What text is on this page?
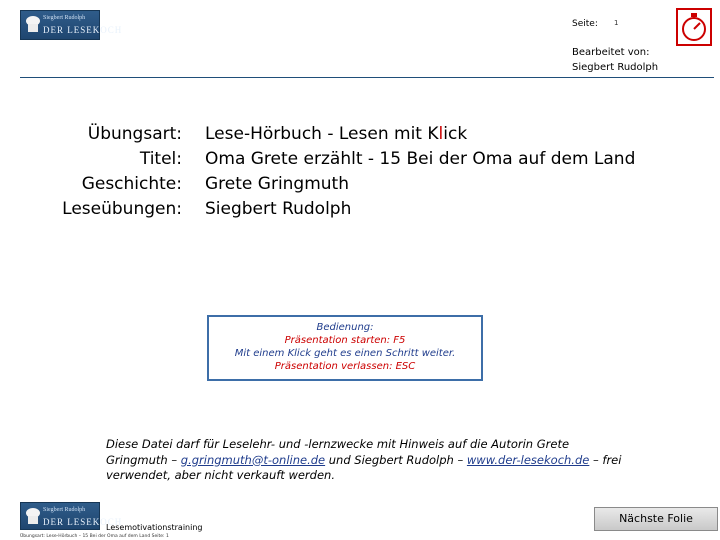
Siegbert Rudolph
DER LESEKOCH
Seite: 1
Bearbeitet von:
Siegbert Rudolph
Übungsart: Lese-Hörbuch - Lesen mit Klick
Titel: Oma Grete erzählt - 15 Bei der Oma auf dem Land
Geschichte: Grete Gringmuth
Leseübungen: Siegbert Rudolph
Bedienung:
Präsentation starten: F5
Mit einem Klick geht es einen Schritt weiter.
Präsentation verlassen: ESC
Diese Datei darf für Leselehr- und -lernzwecke mit Hinweis auf die Autorin Grete Gringmuth – g.gringmuth@t-online.de und Siegbert Rudolph – www.der-lesekoch.de – frei verwendet, aber nicht verkauft werden.
Siegbert Rudolph
DER LESEKOCH
Lesemotivationstraining
Übungsart: Lese-Hörbuch – 15 Bei der Oma auf dem Land Seite: 1
Nächste Folie
